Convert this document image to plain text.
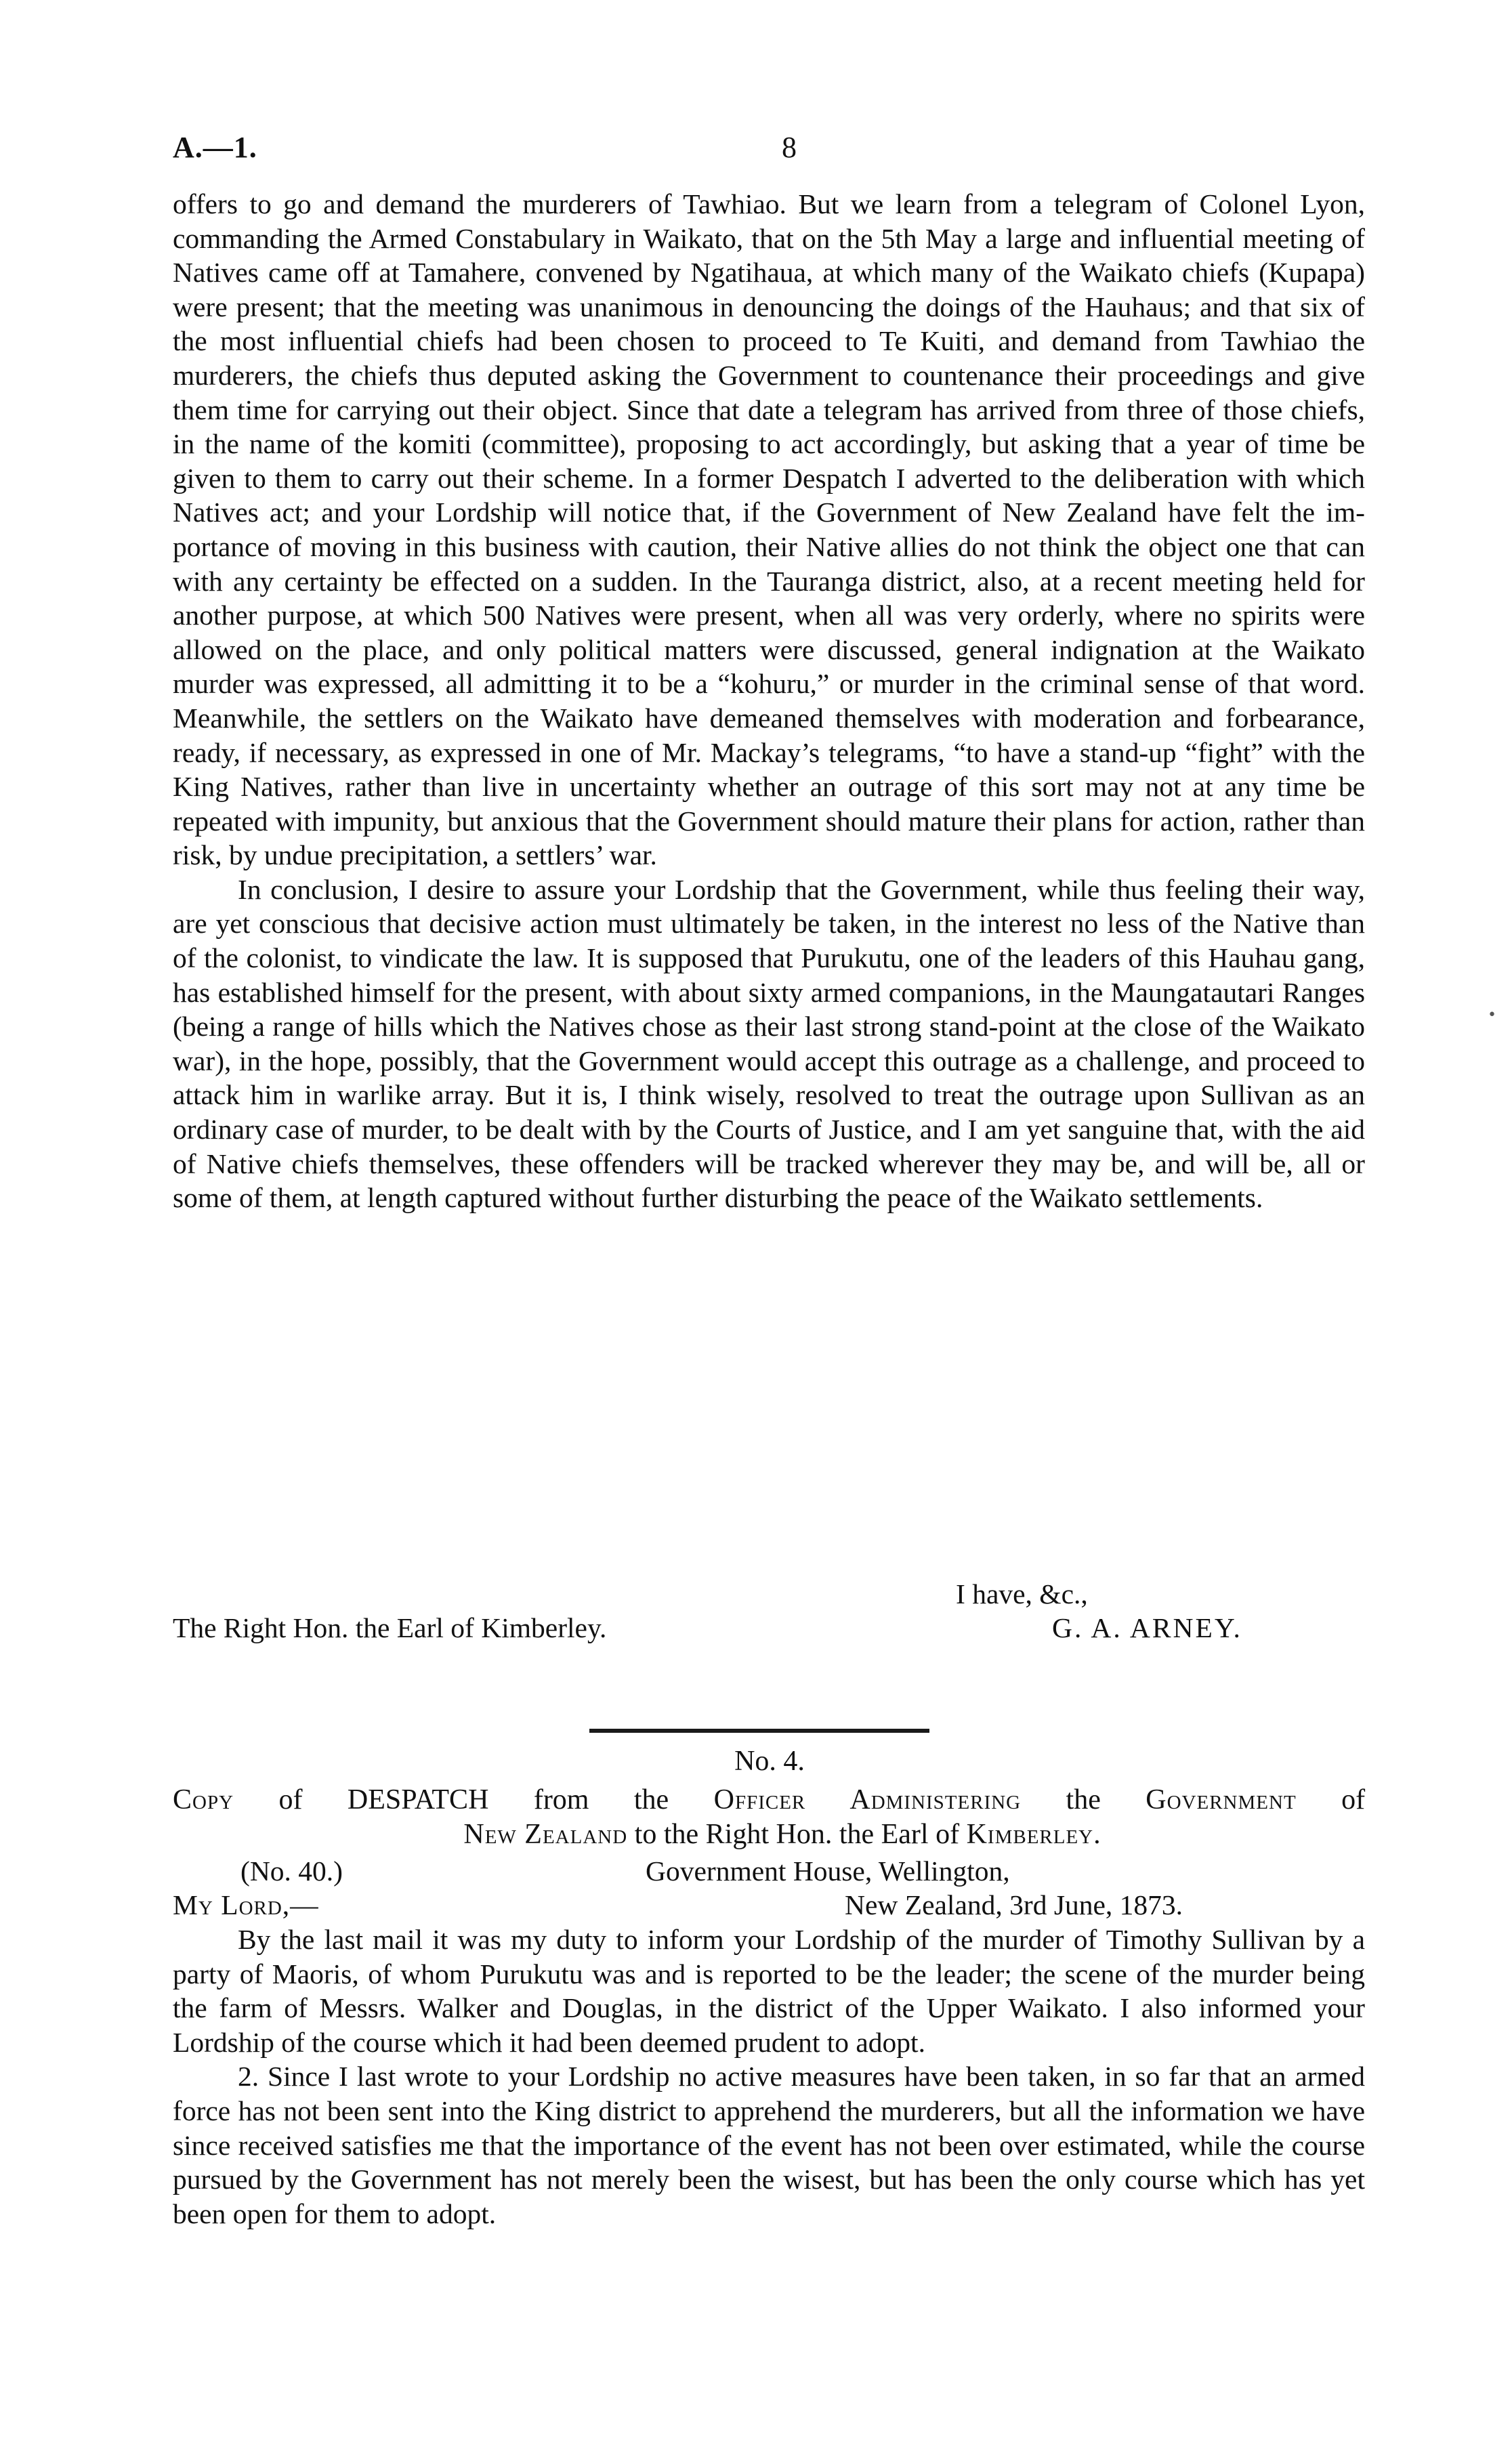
A.—1.	8

offers to go and demand the murderers of Tawhiao. But we learn from a telegram of Colonel Lyon, commanding the Armed Constabulary in Waikato, that on the 5th May a large and influential meeting of Natives came off at Tamahere, convened by Ngatihaua, at which many of the Waikato chiefs (Kupapa) were present; that the meeting was unanimous in denouncing the doings of the Hauhaus; and that six of the most influential chiefs had been chosen to proceed to Te Kuiti, and demand from Tawhiao the murderers, the chiefs thus deputed asking the Government to countenance their proceedings and give them time for carrying out their object. Since that date a telegram has arrived from three of those chiefs, in the name of the komiti (committee), proposing to act accordingly, but asking that a year of time be given to them to carry out their scheme. In a former Despatch I adverted to the deliberation with which Natives act; and your Lordship will notice that, if the Government of New Zealand have felt the importance of moving in this business with caution, their Native allies do not think the object one that can with any certainty be effected on a sudden. In the Tauranga district, also, at a recent meeting held for another purpose, at which 500 Natives were present, when all was very orderly, where no spirits were allowed on the place, and only political matters were discussed, general indignation at the Waikato murder was expressed, all admitting it to be a “kohuru,” or murder in the criminal sense of that word. Meanwhile, the settlers on the Waikato have demeaned themselves with moderation and forbearance, ready, if necessary, as expressed in one of Mr. Mackay’s telegrams, “to have a stand-up “fight” with the King Natives, rather than live in uncertainty whether an outrage of this sort may not at any time be repeated with impunity, but anxious that the Government should mature their plans for action, rather than risk, by undue precipitation, a settlers’ war.

In conclusion, I desire to assure your Lordship that the Government, while thus feeling their way, are yet conscious that decisive action must ultimately be taken, in the interest no less of the Native than of the colonist, to vindicate the law. It is supposed that Purukutu, one of the leaders of this Hauhau gang, has established himself for the present, with about sixty armed companions, in the Maungatautari Ranges (being a range of hills which the Natives chose as their last strong stand-point at the close of the Waikato war), in the hope, possibly, that the Government would accept this outrage as a challenge, and proceed to attack him in warlike array. But it is, I think wisely, resolved to treat the outrage upon Sullivan as an ordinary case of murder, to be dealt with by the Courts of Justice, and I am yet sanguine that, with the aid of Native chiefs themselves, these offenders will be tracked wherever they may be, and will be, all or some of them, at length captured without further disturbing the peace of the Waikato settlements.

I have, &c.,
The Right Hon. the Earl of Kimberley.	G. A. ARNEY.
No. 4.
Copy of DESPATCH from the Officer Administering the Government of
New Zealand to the Right Hon. the Earl of Kimberley.
(No. 40.)	Government House, Wellington,
My Lord,—	New Zealand, 3rd June, 1873.

By the last mail it was my duty to inform your Lordship of the murder of Timothy Sullivan by a party of Maoris, of whom Purukutu was and is reported to be the leader; the scene of the murder being the farm of Messrs. Walker and Douglas, in the district of the Upper Waikato. I also informed your Lordship of the course which it had been deemed prudent to adopt.

2. Since I last wrote to your Lordship no active measures have been taken, in so far that an armed force has not been sent into the King district to apprehend the murderers, but all the information we have since received satisfies me that the importance of the event has not been over estimated, while the course pursued by the Government has not merely been the wisest, but has been the only course which has yet been open for them to adopt.

•
